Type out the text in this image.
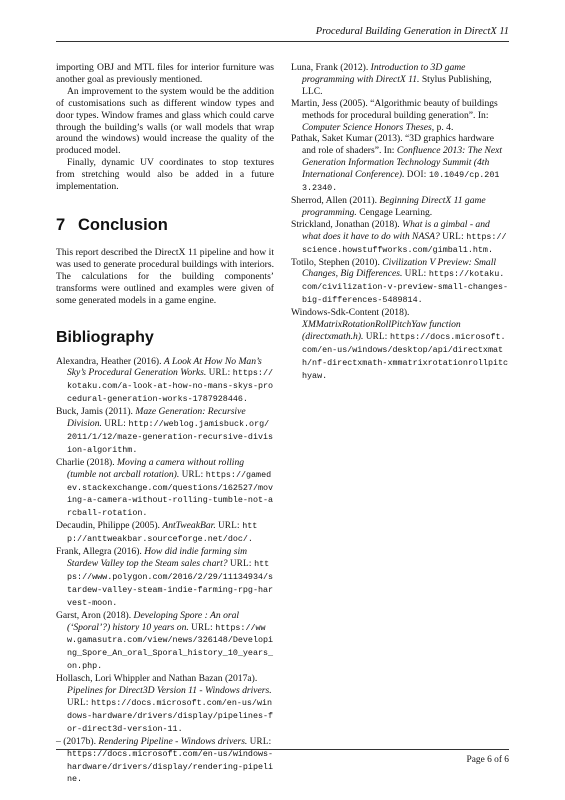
Procedural Building Generation in DirectX 11

importing OBJ and MTL files for interior furniture was another goal as previously mentioned.

An improvement to the system would be the addition of customisations such as different window types and door types. Window frames and glass which could carve through the building’s walls (or wall models that wrap around the windows) would increase the quality of the produced model.

Finally, dynamic UV coordinates to stop textures from stretching would also be added in a future implementation.

7 Conclusion

This report described the DirectX 11 pipeline and how it was used to generate procedural buildings with interiors. The calculations for the building components’ transforms were outlined and examples were given of some generated models in a game engine.

Bibliography

Alexandra, Heather (2016). A Look At How No Man’s Sky’s Procedural Generation Works. URL: https://kotaku.com/a-look-at-how-no-mans-skys-procedural-generation-works-1787928446.

Buck, Jamis (2011). Maze Generation: Recursive Division. URL: http://weblog.jamisbuck.org/2011/1/12/maze-generation-recursive-division-algorithm.

Charlie (2018). Moving a camera without rolling (tumble not arcball rotation). URL: https://gamedev.stackexchange.com/questions/162527/moving-a-camera-without-rolling-tumble-not-arcball-rotation.

Decaudin, Philippe (2005). AntTweakBar. URL: http://anttweakbar.sourceforge.net/doc/.

Frank, Allegra (2016). How did indie farming sim Stardew Valley top the Steam sales chart? URL: https://www.polygon.com/2016/2/29/11134934/stardew-valley-steam-indie-farming-rpg-harvest-moon.

Garst, Aron (2018). Developing Spore : An oral (‘Sporal’?) history 10 years on. URL: https://www.gamasutra.com/view/news/326148/Developing_Spore_An_oral_Sporal_history_10_years_on.php.

Hollasch, Lori Whippler and Nathan Bazan (2017a). Pipelines for Direct3D Version 11 - Windows drivers. URL: https://docs.microsoft.com/en-us/windows-hardware/drivers/display/pipelines-for-direct3d-version-11.

– (2017b). Rendering Pipeline - Windows drivers. URL: https://docs.microsoft.com/en-us/windows-hardware/drivers/display/rendering-pipeline.

Luna, Frank (2012). Introduction to 3D game programming with DirectX 11. Stylus Publishing, LLC.

Martin, Jess (2005). “Algorithmic beauty of buildings methods for procedural building generation”. In: Computer Science Honors Theses, p. 4.

Pathak, Saket Kumar (2013). “3D graphics hardware and role of shaders”. In: Confluence 2013: The Next Generation Information Technology Summit (4th International Conference). DOI: 10.1049/cp.2013.2340.

Sherrod, Allen (2011). Beginning DirectX 11 game programming. Cengage Learning.

Strickland, Jonathan (2018). What is a gimbal - and what does it have to do with NASA? URL: https://science.howstuffworks.com/gimbal1.htm.

Totilo, Stephen (2010). Civilization V Preview: Small Changes, Big Differences. URL: https://kotaku.com/civilization-v-preview-small-changes-big-differences-5489814.

Windows-Sdk-Content (2018). XMMatrixRotationRollPitchYaw function (directxmath.h). URL: https://docs.microsoft.com/en-us/windows/desktop/api/directxmath/nf-directxmath-xmmatrixrotationrollpitchyaw.

Page 6 of 6
